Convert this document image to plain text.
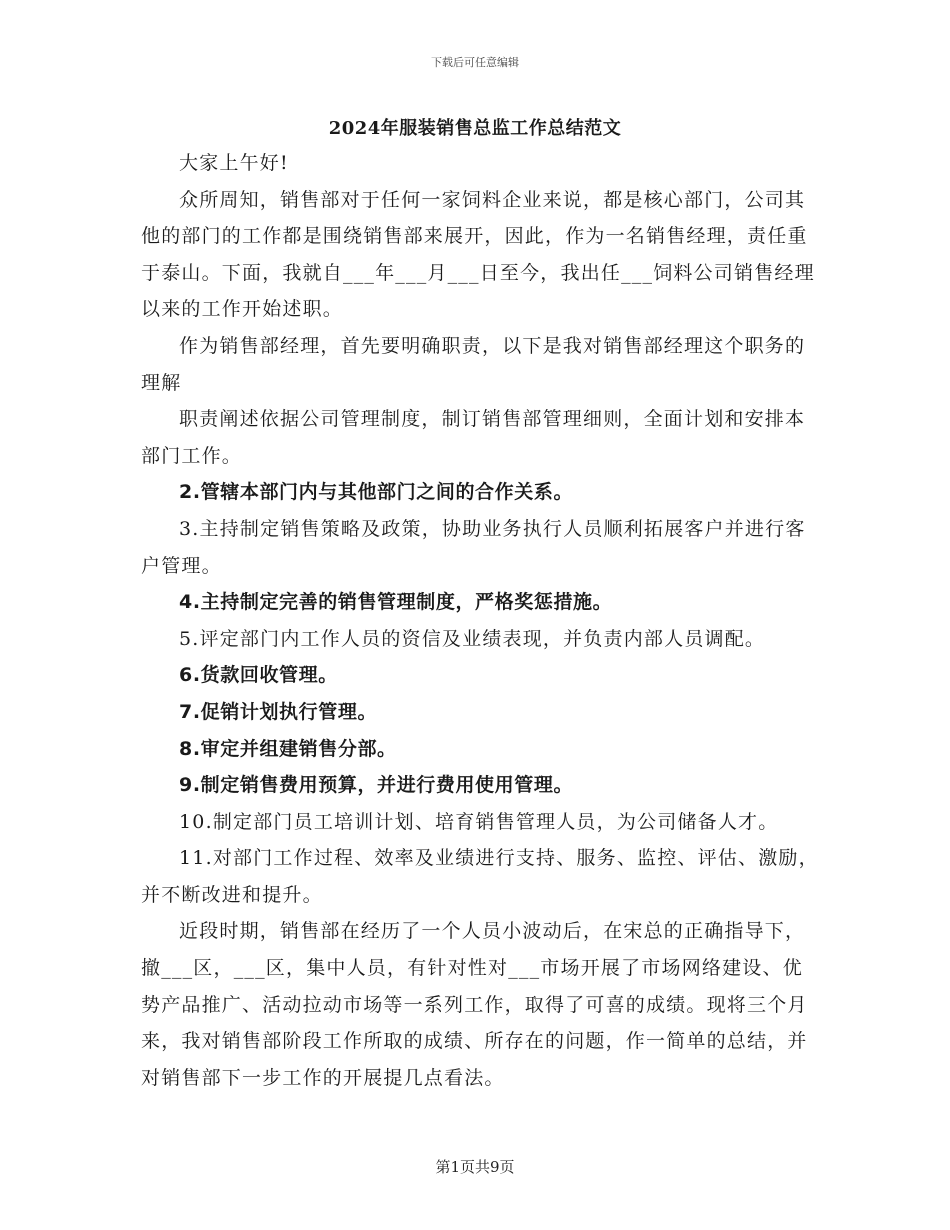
下载后可任意编辑
2024年服装销售总监工作总结范文

大家上午好!

众所周知，销售部对于任何一家饲料企业来说，都是核心部门，公司其他的部门的工作都是围绕销售部来展开，因此，作为一名销售经理，责任重于泰山。下面，我就自___年___月___日至今，我出任___饲料公司销售经理以来的工作开始述职。

作为销售部经理，首先要明确职责，以下是我对销售部经理这个职务的理解

职责阐述依据公司管理制度，制订销售部管理细则，全面计划和安排本部门工作。

2.管辖本部门内与其他部门之间的合作关系。

3.主持制定销售策略及政策，协助业务执行人员顺利拓展客户并进行客户管理。

4.主持制定完善的销售管理制度，严格奖惩措施。

5.评定部门内工作人员的资信及业绩表现，并负责内部人员调配。

6.货款回收管理。

7.促销计划执行管理。

8.审定并组建销售分部。

9.制定销售费用预算，并进行费用使用管理。

10.制定部门员工培训计划、培育销售管理人员，为公司储备人才。

11.对部门工作过程、效率及业绩进行支持、服务、监控、评估、激励，并不断改进和提升。

近段时期，销售部在经历了一个人员小波动后，在宋总的正确指导下，撤___区，___区，集中人员，有针对性对___市场开展了市场网络建设、优势产品推广、活动拉动市场等一系列工作，取得了可喜的成绩。现将三个月来，我对销售部阶段工作所取的成绩、所存在的问题，作一简单的总结，并对销售部下一步工作的开展提几点看法。

第1页共9页
